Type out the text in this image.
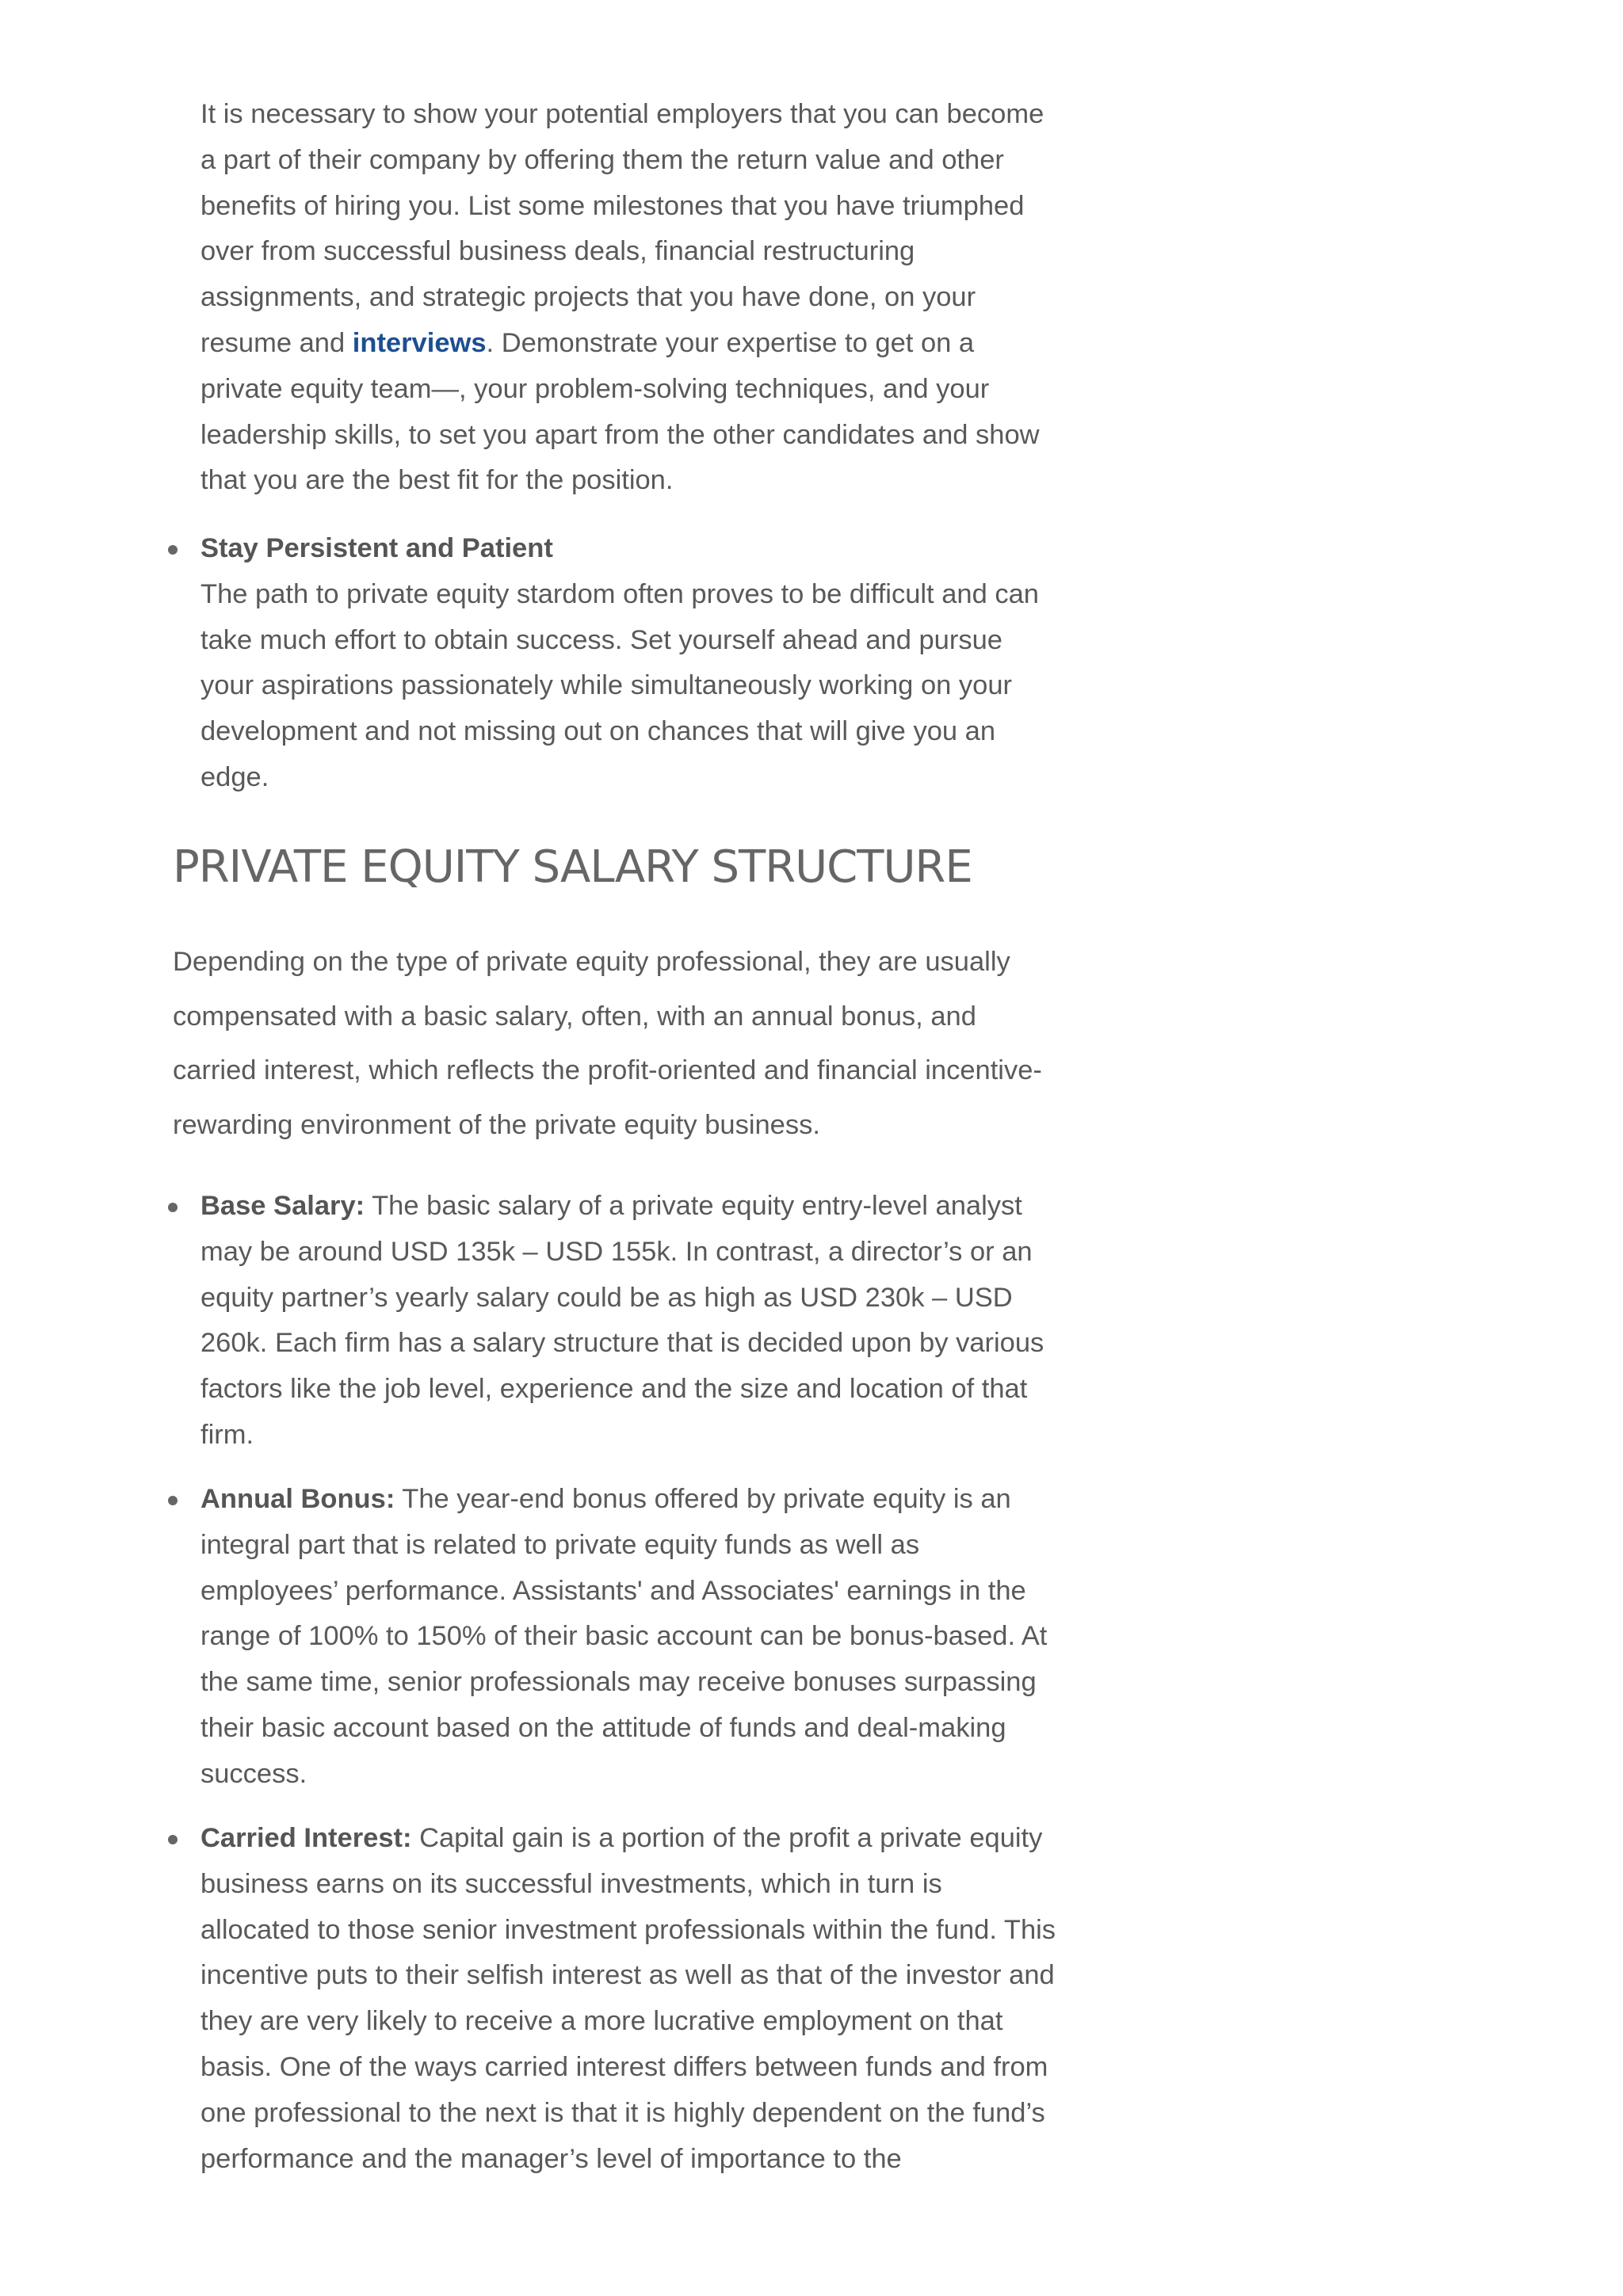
It is necessary to show your potential employers that you can become a part of their company by offering them the return value and other benefits of hiring you. List some milestones that you have triumphed over from successful business deals, financial restructuring assignments, and strategic projects that you have done, on your resume and interviews. Demonstrate your expertise to get on a private equity team—, your problem-solving techniques, and your leadership skills, to set you apart from the other candidates and show that you are the best fit for the position.

Stay Persistent and Patient
The path to private equity stardom often proves to be difficult and can take much effort to obtain success. Set yourself ahead and pursue your aspirations passionately while simultaneously working on your development and not missing out on chances that will give you an edge.
PRIVATE EQUITY SALARY STRUCTURE

Depending on the type of private equity professional, they are usually compensated with a basic salary, often, with an annual bonus, and carried interest, which reflects the profit-oriented and financial incentive-rewarding environment of the private equity business.

Base Salary: The basic salary of a private equity entry-level analyst may be around USD 135k – USD 155k. In contrast, a director’s or an equity partner’s yearly salary could be as high as USD 230k – USD 260k. Each firm has a salary structure that is decided upon by various factors like the job level, experience and the size and location of that firm.
Annual Bonus: The year-end bonus offered by private equity is an integral part that is related to private equity funds as well as employees’ performance. Assistants' and Associates' earnings in the range of 100% to 150% of their basic account can be bonus-based. At the same time, senior professionals may receive bonuses surpassing their basic account based on the attitude of funds and deal-making success.
Carried Interest: Capital gain is a portion of the profit a private equity business earns on its successful investments, which in turn is allocated to those senior investment professionals within the fund. This incentive puts to their selfish interest as well as that of the investor and they are very likely to receive a more lucrative employment on that basis. One of the ways carried interest differs between funds and from one professional to the next is that it is highly dependent on the fund’s performance and the manager’s level of importance to the
